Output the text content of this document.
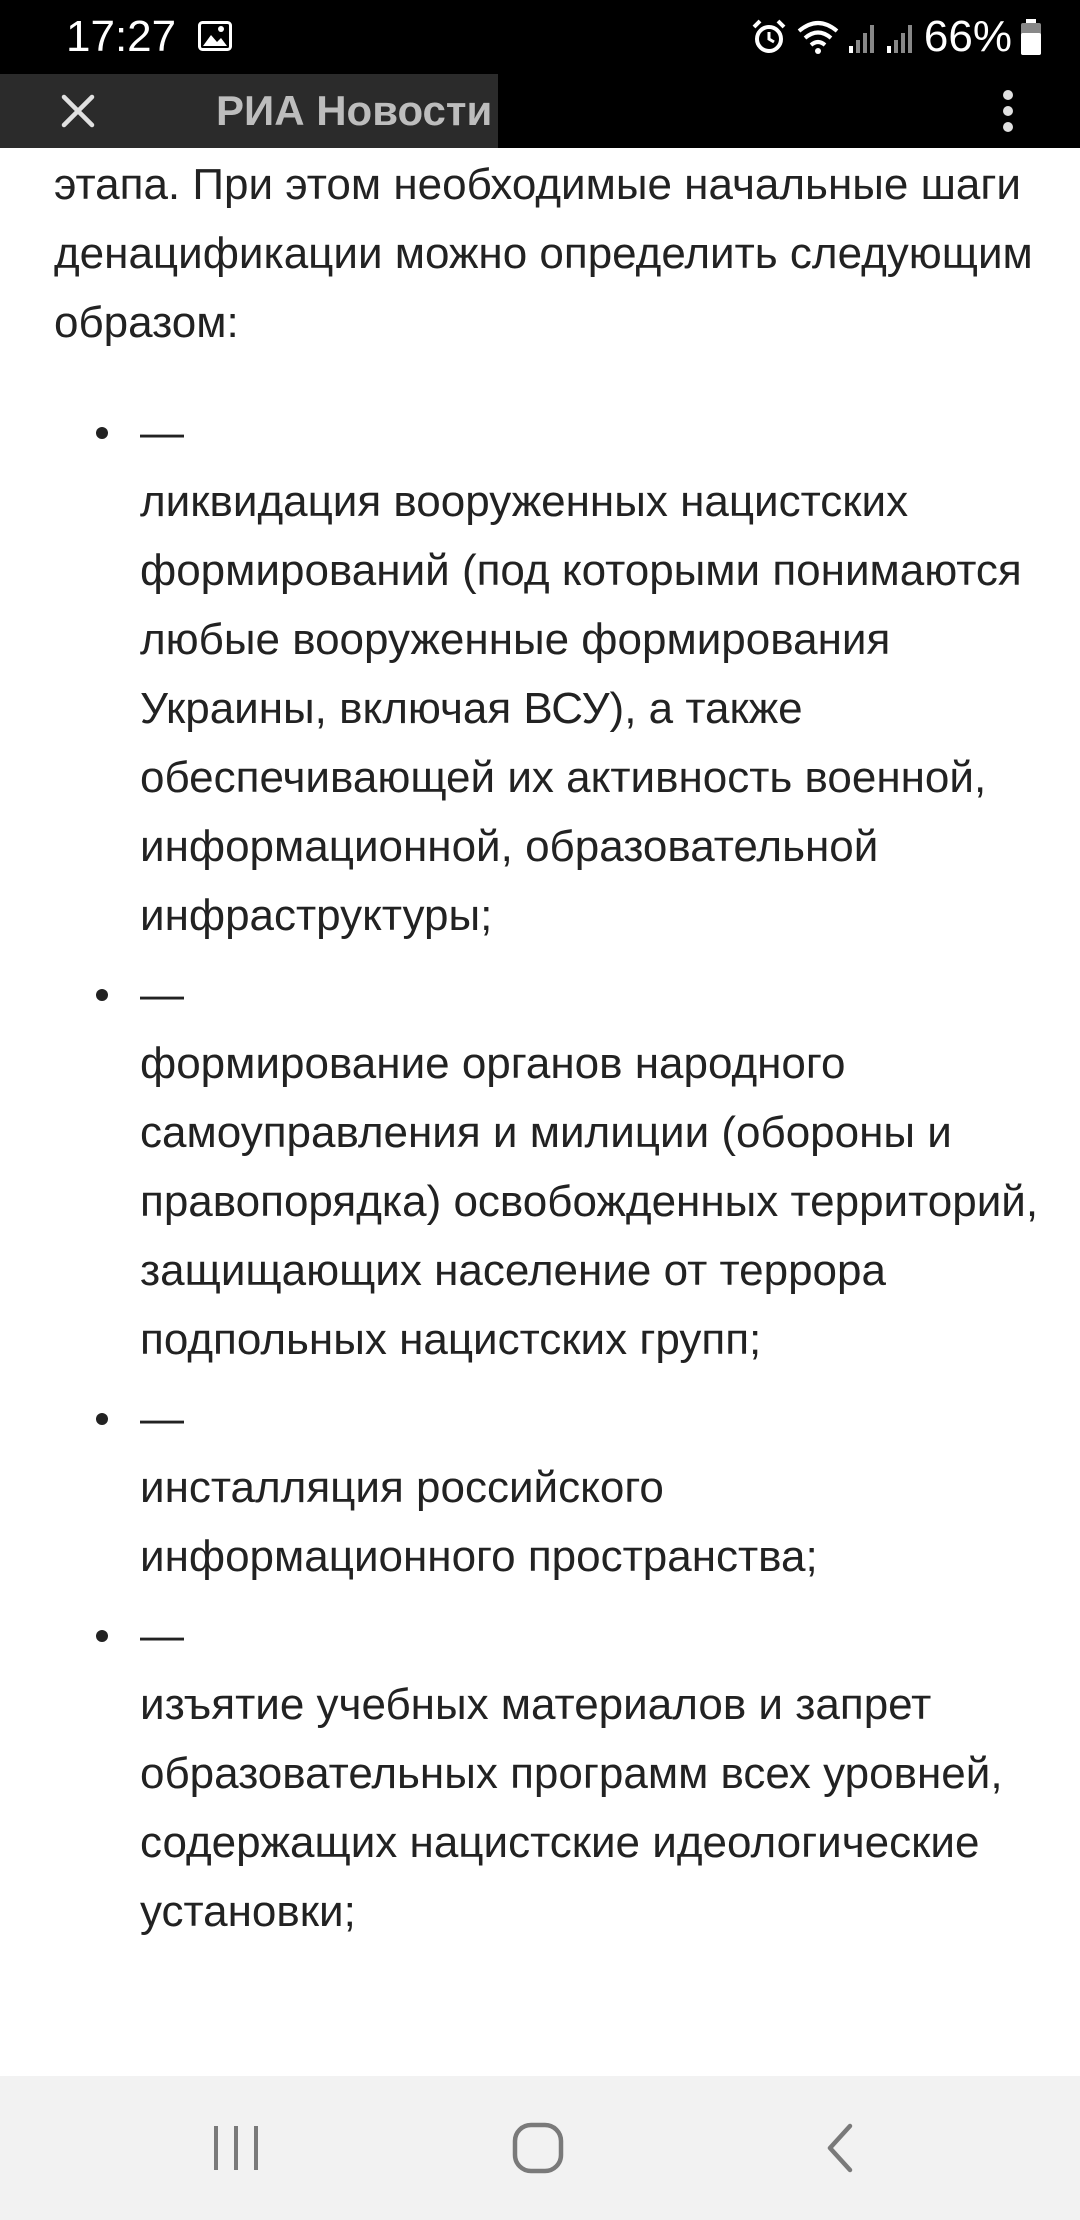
17:27	66%
РИА Новости

этапа. При этом необходимые начальные шаги денацификации можно определить следующим образом:

—
ликвидация вооруженных нацистских формирований (под которыми понимаются любые вооруженные формирования Украины, включая ВСУ), а также обеспечивающей их активность военной, информационной, образовательной инфраструктуры;
—
формирование органов народного самоуправления и милиции (обороны и правопорядка) освобожденных территорий, защищающих население от террора подпольных нацистских групп;
—
инсталляция российского информационного пространства;
—
изъятие учебных материалов и запрет образовательных программ всех уровней, содержащих нацистские идеологические установки;
